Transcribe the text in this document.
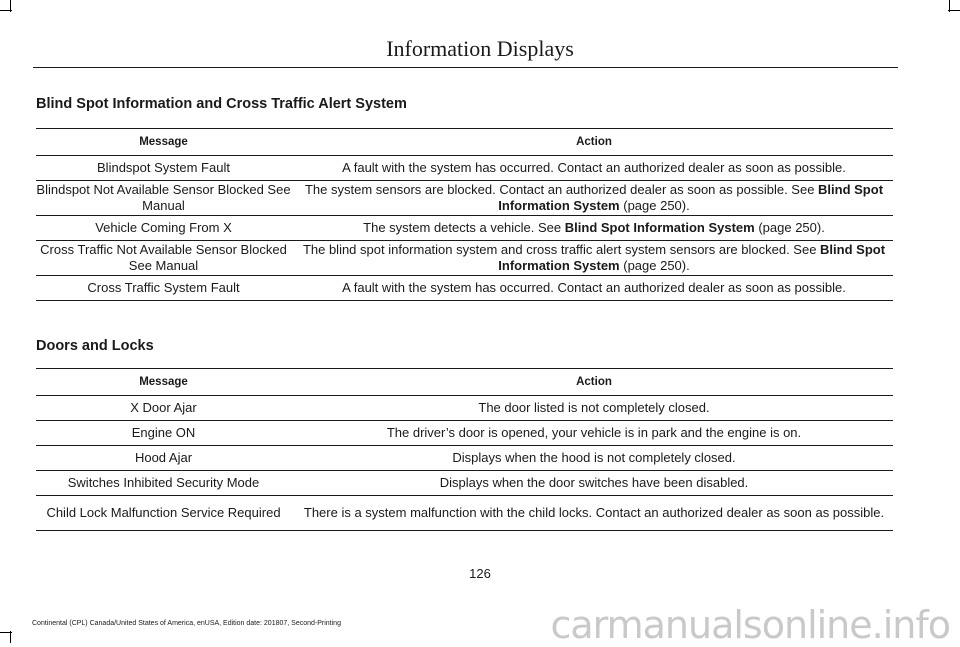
Information Displays
Blind Spot Information and Cross Traffic Alert System
Message	Action
Blindspot System Fault	A fault with the system has occurred. Contact an authorized dealer as soon as possible.
Blindspot Not Available Sensor Blocked See Manual	The system sensors are blocked. Contact an authorized dealer as soon as possible. See Blind Spot Information System (page 250).
Vehicle Coming From X	The system detects a vehicle. See Blind Spot Information System (page 250).
Cross Traffic Not Available Sensor Blocked See Manual	The blind spot information system and cross traffic alert system sensors are blocked. See Blind Spot Information System (page 250).
Cross Traffic System Fault	A fault with the system has occurred. Contact an authorized dealer as soon as possible.
Doors and Locks
Message	Action
X Door Ajar	The door listed is not completely closed.
Engine ON	The driver’s door is opened, your vehicle is in park and the engine is on.
Hood Ajar	Displays when the hood is not completely closed.
Switches Inhibited Security Mode	Displays when the door switches have been disabled.
Child Lock Malfunction Service Required	There is a system malfunction with the child locks. Contact an authorized dealer as soon as possible.
126
Continental (CPL) Canada/United States of America, enUSA, Edition date: 201807, Second-Printing	carmanualsonline.info
